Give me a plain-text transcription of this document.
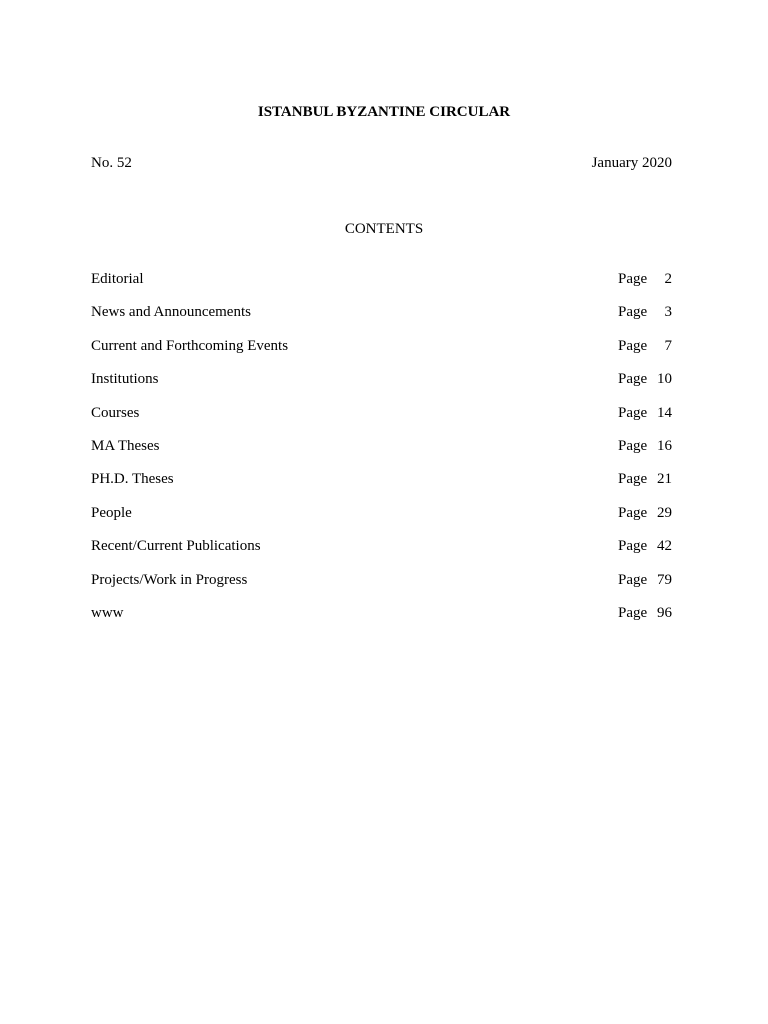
ISTANBUL BYZANTINE CIRCULAR
No. 52	January 2020
CONTENTS
Editorial	Page 2
News and Announcements	Page 3
Current and Forthcoming Events	Page 7
Institutions	Page 10
Courses	Page 14
MA Theses	Page 16
PH.D. Theses	Page 21
People	Page 29
Recent/Current Publications	Page 42
Projects/Work in Progress	Page 79
www	Page 96
